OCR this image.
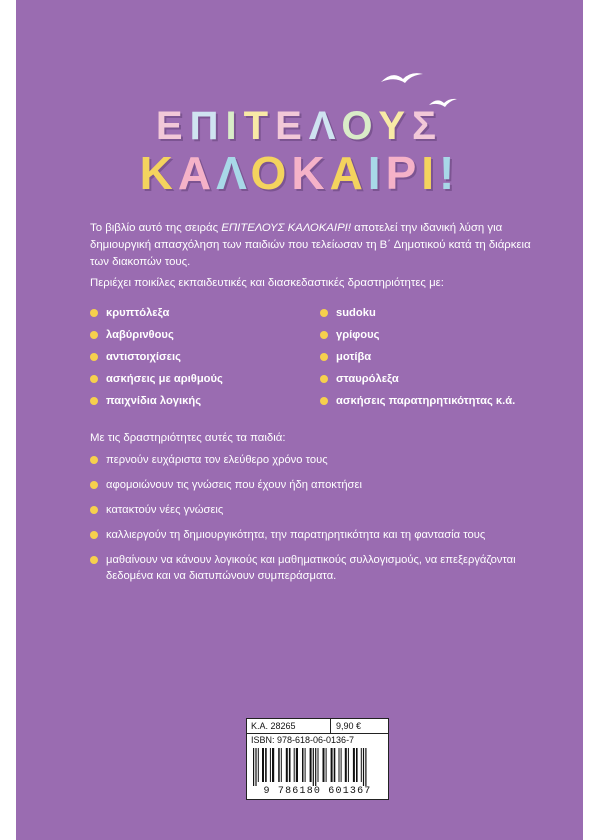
ΕΠΙΤΕΛΟΥΣ
ΚΑΛΟΚΑΙΡΙ!
Το βιβλίο αυτό της σειράς ΕΠΙΤΕΛΟΥΣ ΚΑΛΟΚΑΙΡΙ! αποτελεί την ιδανική λύση για δημιουργική απασχόληση των παιδιών που τελείωσαν τη Β΄ Δημοτικού κατά τη διάρκεια των διακοπών τους.
Περιέχει ποικίλες εκπαιδευτικές και διασκεδαστικές δραστηριότητες με:
κρυπτόλεξα
λαβύρινθους
αντιστοιχίσεις
ασκήσεις με αριθμούς
παιχνίδια λογικής
sudoku
γρίφους
μοτίβα
σταυρόλεξα
ασκήσεις παρατηρητικότητας κ.ά.
Με τις δραστηριότητες αυτές τα παιδιά:
περνούν ευχάριστα τον ελεύθερο χρόνο τους
αφομοιώνουν τις γνώσεις που έχουν ήδη αποκτήσει
κατακτούν νέες γνώσεις
καλλιεργούν τη δημιουργικότητα, την παρατηρητικότητα και τη φαντασία τους
μαθαίνουν να κάνουν λογικούς και μαθηματικούς συλλογισμούς, να επεξεργάζονται δεδομένα και να διατυπώνουν συμπεράσματα.
Κ.Α. 28265	9,90 €
ISBN: 978-618-06-0136-7
9 786180 601367
